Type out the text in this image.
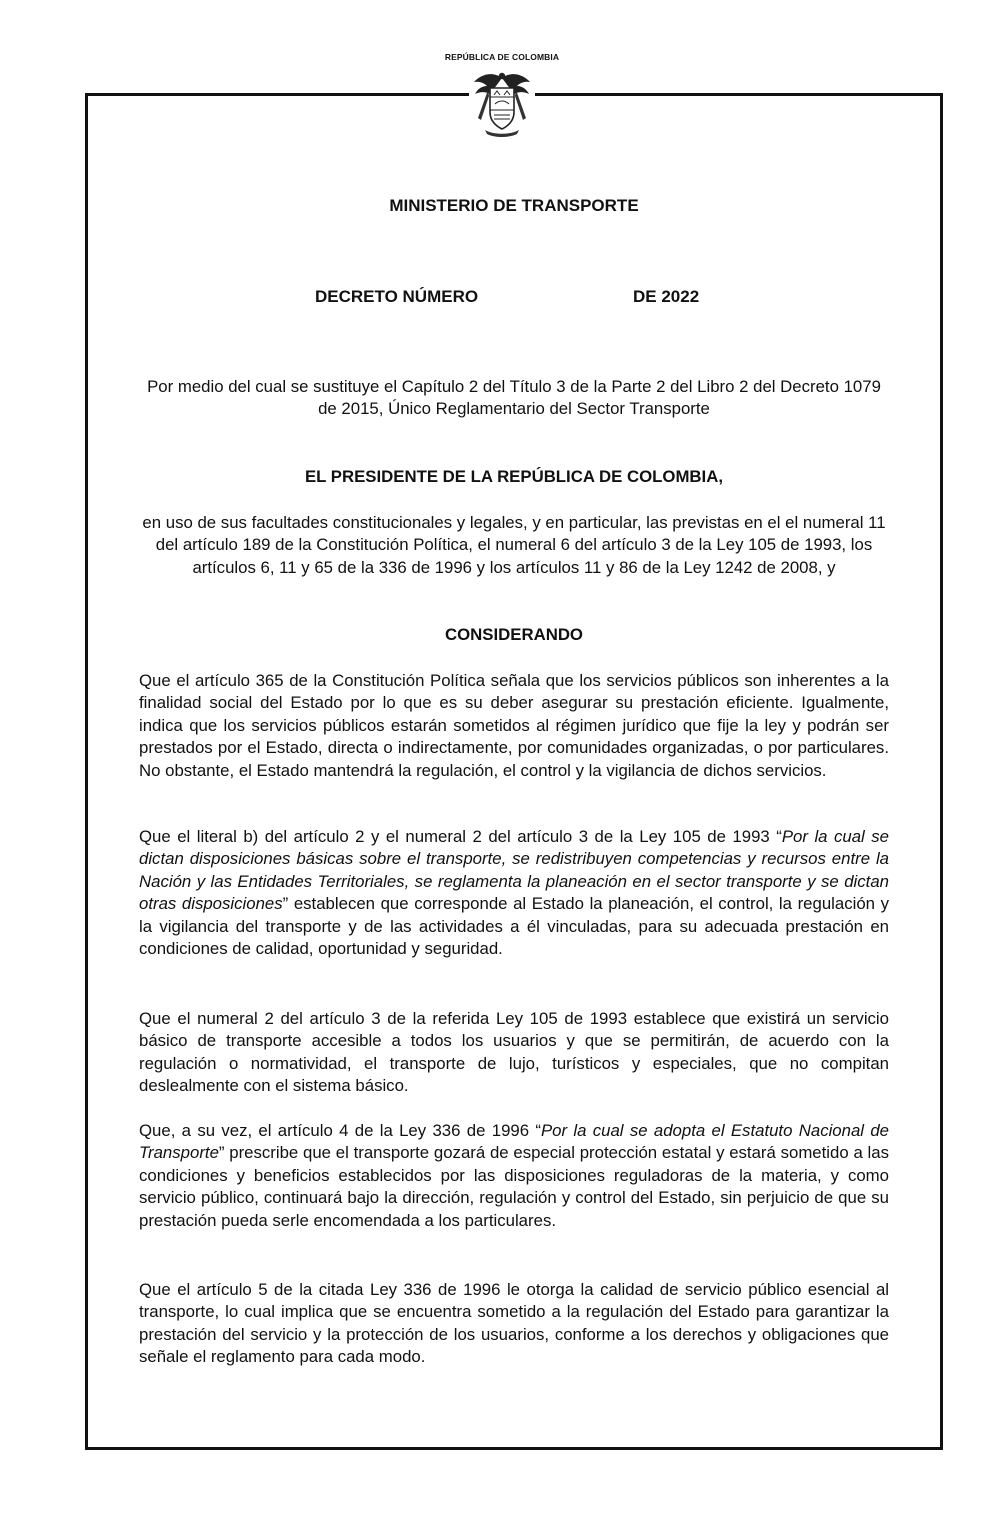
REPÚBLICA DE COLOMBIA
MINISTERIO DE TRANSPORTE
DECRETO NÚMERO	DE 2022
Por medio del cual se sustituye el Capítulo 2 del Título 3 de la Parte 2 del Libro 2 del Decreto 1079 de 2015, Único Reglamentario del Sector Transporte
EL PRESIDENTE DE LA REPÚBLICA DE COLOMBIA,
en uso de sus facultades constitucionales y legales, y en particular, las previstas en el el numeral 11 del artículo 189 de la Constitución Política, el numeral 6 del artículo 3 de la Ley 105 de 1993, los artículos 6, 11 y 65 de la 336 de 1996 y los artículos 11 y 86 de la Ley 1242 de 2008, y
CONSIDERANDO

Que el artículo 365 de la Constitución Política señala que los servicios públicos son inherentes a la finalidad social del Estado por lo que es su deber asegurar su prestación eficiente. Igualmente, indica que los servicios públicos estarán sometidos al régimen jurídico que fije la ley y podrán ser prestados por el Estado, directa o indirectamente, por comunidades organizadas, o por particulares. No obstante, el Estado mantendrá la regulación, el control y la vigilancia de dichos servicios.

Que el literal b) del artículo 2 y el numeral 2 del artículo 3 de la Ley 105 de 1993 “Por la cual se dictan disposiciones básicas sobre el transporte, se redistribuyen competencias y recursos entre la Nación y las Entidades Territoriales, se reglamenta la planeación en el sector transporte y se dictan otras disposiciones” establecen que corresponde al Estado la planeación, el control, la regulación y la vigilancia del transporte y de las actividades a él vinculadas, para su adecuada prestación en condiciones de calidad, oportunidad y seguridad.

Que el numeral 2 del artículo 3 de la referida Ley 105 de 1993 establece que existirá un servicio básico de transporte accesible a todos los usuarios y que se permitirán, de acuerdo con la regulación o normatividad, el transporte de lujo, turísticos y especiales, que no compitan deslealmente con el sistema básico.

Que, a su vez, el artículo 4 de la Ley 336 de 1996 “Por la cual se adopta el Estatuto Nacional de Transporte” prescribe que el transporte gozará de especial protección estatal y estará sometido a las condiciones y beneficios establecidos por las disposiciones reguladoras de la materia, y como servicio público, continuará bajo la dirección, regulación y control del Estado, sin perjuicio de que su prestación pueda serle encomendada a los particulares.

Que el artículo 5 de la citada Ley 336 de 1996 le otorga la calidad de servicio público esencial al transporte, lo cual implica que se encuentra sometido a la regulación del Estado para garantizar la prestación del servicio y la protección de los usuarios, conforme a los derechos y obligaciones que señale el reglamento para cada modo.
